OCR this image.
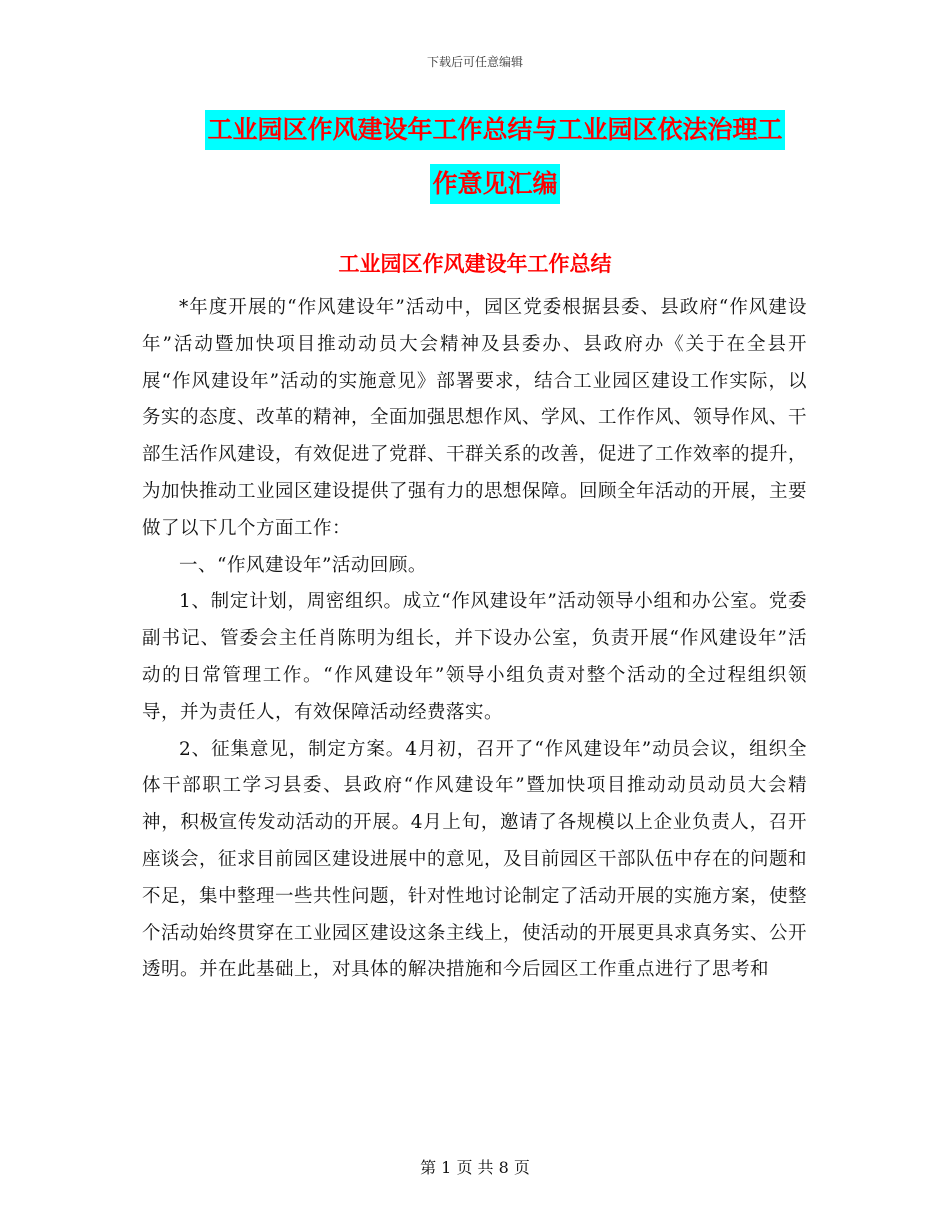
下载后可任意编辑
工业园区作风建设年工作总结与工业园区依法治理工
作意见汇编
工业园区作风建设年工作总结

*年度开展的“作风建设年”活动中，园区党委根据县委、县政府“作风建设年”活动暨加快项目推动动员大会精神及县委办、县政府办《关于在全县开展“作风建设年”活动的实施意见》部署要求，结合工业园区建设工作实际，以务实的态度、改革的精神，全面加强思想作风、学风、工作作风、领导作风、干部生活作风建设，有效促进了党群、干群关系的改善，促进了工作效率的提升，为加快推动工业园区建设提供了强有力的思想保障。回顾全年活动的开展，主要做了以下几个方面工作：

一、“作风建设年”活动回顾。

1、制定计划，周密组织。成立“作风建设年”活动领导小组和办公室。党委副书记、管委会主任肖陈明为组长，并下设办公室，负责开展“作风建设年”活动的日常管理工作。“作风建设年”领导小组负责对整个活动的全过程组织领导，并为责任人，有效保障活动经费落实。

2、征集意见，制定方案。4月初，召开了“作风建设年”动员会议，组织全体干部职工学习县委、县政府“作风建设年”暨加快项目推动动员动员大会精神，积极宣传发动活动的开展。4月上旬，邀请了各规模以上企业负责人，召开座谈会，征求目前园区建设进展中的意见，及目前园区干部队伍中存在的问题和不足，集中整理一些共性问题，针对性地讨论制定了活动开展的实施方案，使整个活动始终贯穿在工业园区建设这条主线上，使活动的开展更具求真务实、公开透明。并在此基础上，对具体的解决措施和今后园区工作重点进行了思考和

第 1 页 共 8 页
